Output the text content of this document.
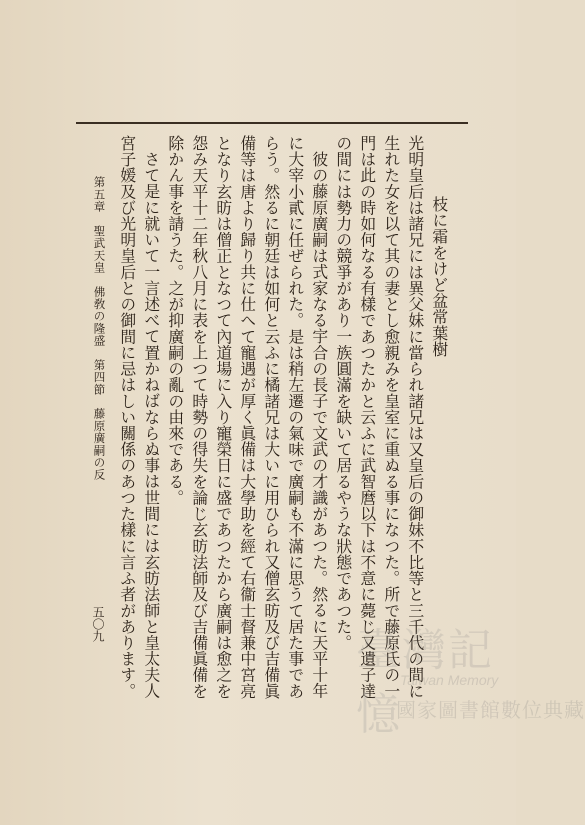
枝に霜をけど盆常葉樹
光明皇后は諸兄には異父妹に當られ諸兄は又皇后の御妹不比等と三千代の間に
生れた女を以て其の妻とし愈親みを皇室に重ぬる事になつた。所で藤原氏の一
門は此の時如何なる有樣であつたかと云ふに武智麿以下は不意に薨じ又遺子達
の間には勢力の競爭があり一族圓滿を缺いて居るやうな狀態であつた。
彼の藤原廣嗣は式家なる宇合の長子で文武の才識があつた。然るに天平十年
に大宰小貳に任ぜられた。是は稍左遷の氣味で廣嗣も不滿に思うて居た事であ
らう。然るに朝廷は如何と云ふに橘諸兄は大いに用ひられ又僧玄昉及び吉備眞
備等は唐より歸り共に仕へて寵遇が厚く眞備は大學助を經て右衞士督兼中宮亮
となり玄昉は僧正となつて內道場に入り寵榮日に盛であつたから廣嗣は愈之を
怨み天平十二年秋八月に表を上つて時勢の得失を論じ玄昉法師及び吉備眞備を
除かん事を請うた。之が抑廣嗣の亂の由來である。
さて是に就いて一言述べて置かねばならぬ事は世間には玄昉法師と皇太夫人
宮子媛及び光明皇后との御間に忌はしい關係のあつた樣に言ふ者があります。
第五章　聖武天皇　佛敎の隆盛　第四節　藤原廣嗣の反
五〇九
臺灣記憶
Taiwan Memory
國家圖書館數位典藏
